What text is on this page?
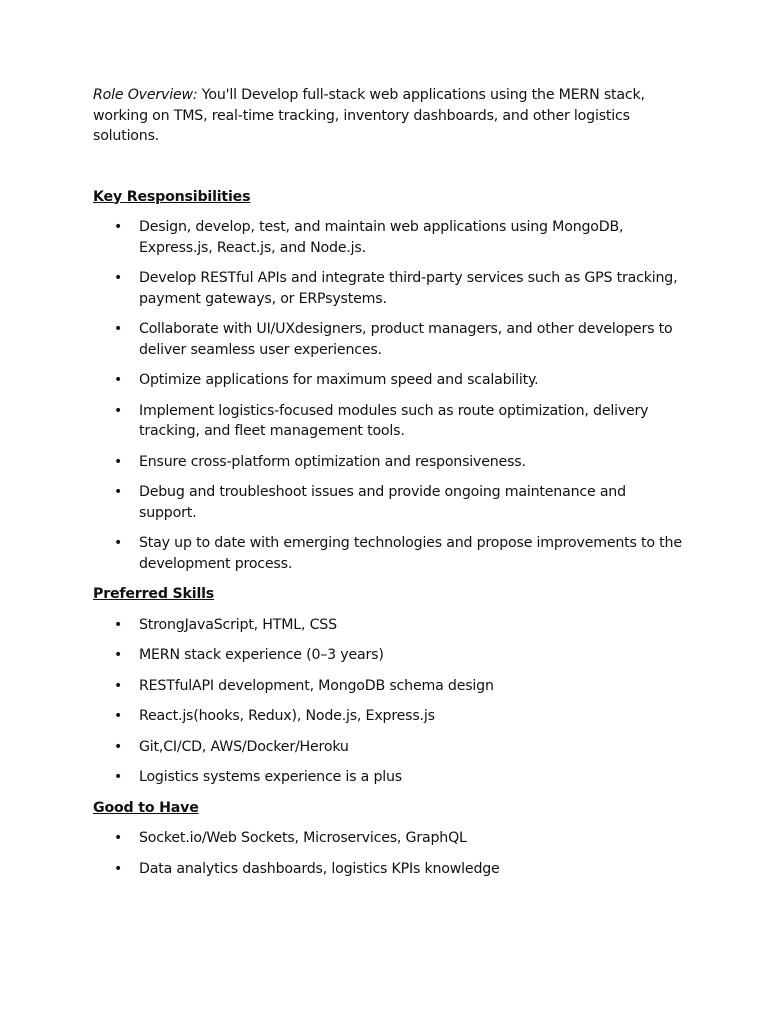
Role Overview: You'll Develop full-stack web applications using the MERN stack, working on TMS, real-time tracking, inventory dashboards, and other logistics solutions.

Key Responsibilities

• Design, develop, test, and maintain web applications using MongoDB, Express.js, React.js, and Node.js.
• Develop RESTful APIs and integrate third-party services such as GPS tracking, payment gateways, or ERPsystems.
• Collaborate with UI/UXdesigners, product managers, and other developers to deliver seamless user experiences.
• Optimize applications for maximum speed and scalability.
• Implement logistics-focused modules such as route optimization, delivery tracking, and fleet management tools.
• Ensure cross-platform optimization and responsiveness.
• Debug and troubleshoot issues and provide ongoing maintenance and support.
• Stay up to date with emerging technologies and propose improvements to the development process.

Preferred Skills

• StrongJavaScript, HTML, CSS
• MERN stack experience (0–3 years)
• RESTfulAPI development, MongoDB schema design
• React.js(hooks, Redux), Node.js, Express.js
• Git,CI/CD, AWS/Docker/Heroku
• Logistics systems experience is a plus

Good to Have

• Socket.io/Web Sockets, Microservices, GraphQL
• Data analytics dashboards, logistics KPIs knowledge
